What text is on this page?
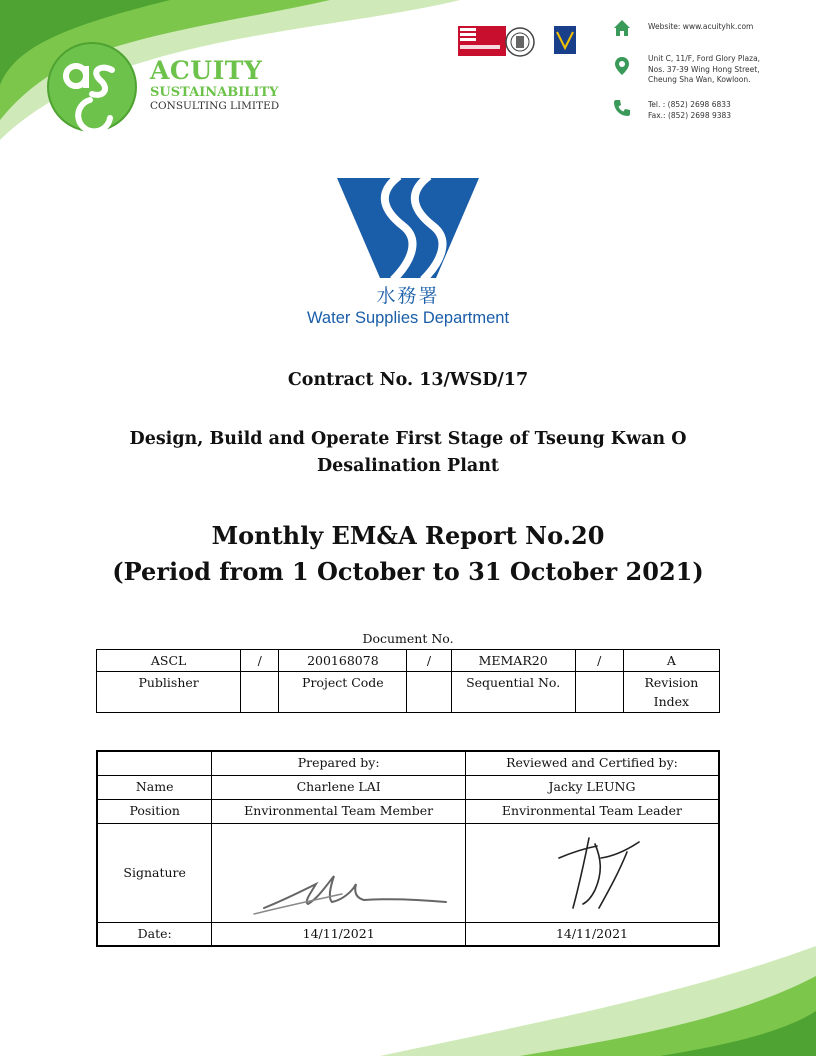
ACUITY
SUSTAINABILITY
CONSULTING LIMITED
Website: www.acuityhk.com
Unit C, 11/F, Ford Glory Plaza,
Nos. 37-39 Wing Hong Street,
Cheung Sha Wan, Kowloon.
Tel. : (852) 2698 6833
Fax.: (852) 2698 9383
水務署
Water Supplies Department
Contract No. 13/WSD/17
Design, Build and Operate First Stage of Tseung Kwan O
Desalination Plant
Monthly EM&A Report No.20
(Period from 1 October to 31 October 2021)
Document No.
ASCL	/	200168078	/	MEMAR20	/	A
Publisher		Project Code		Sequential No.		Revision Index
	Prepared by:	Reviewed and Certified by:
Name	Charlene LAI	Jacky LEUNG
Position	Environmental Team Member	Environmental Team Leader
Signature	

Date:	14/11/2021	14/11/2021
